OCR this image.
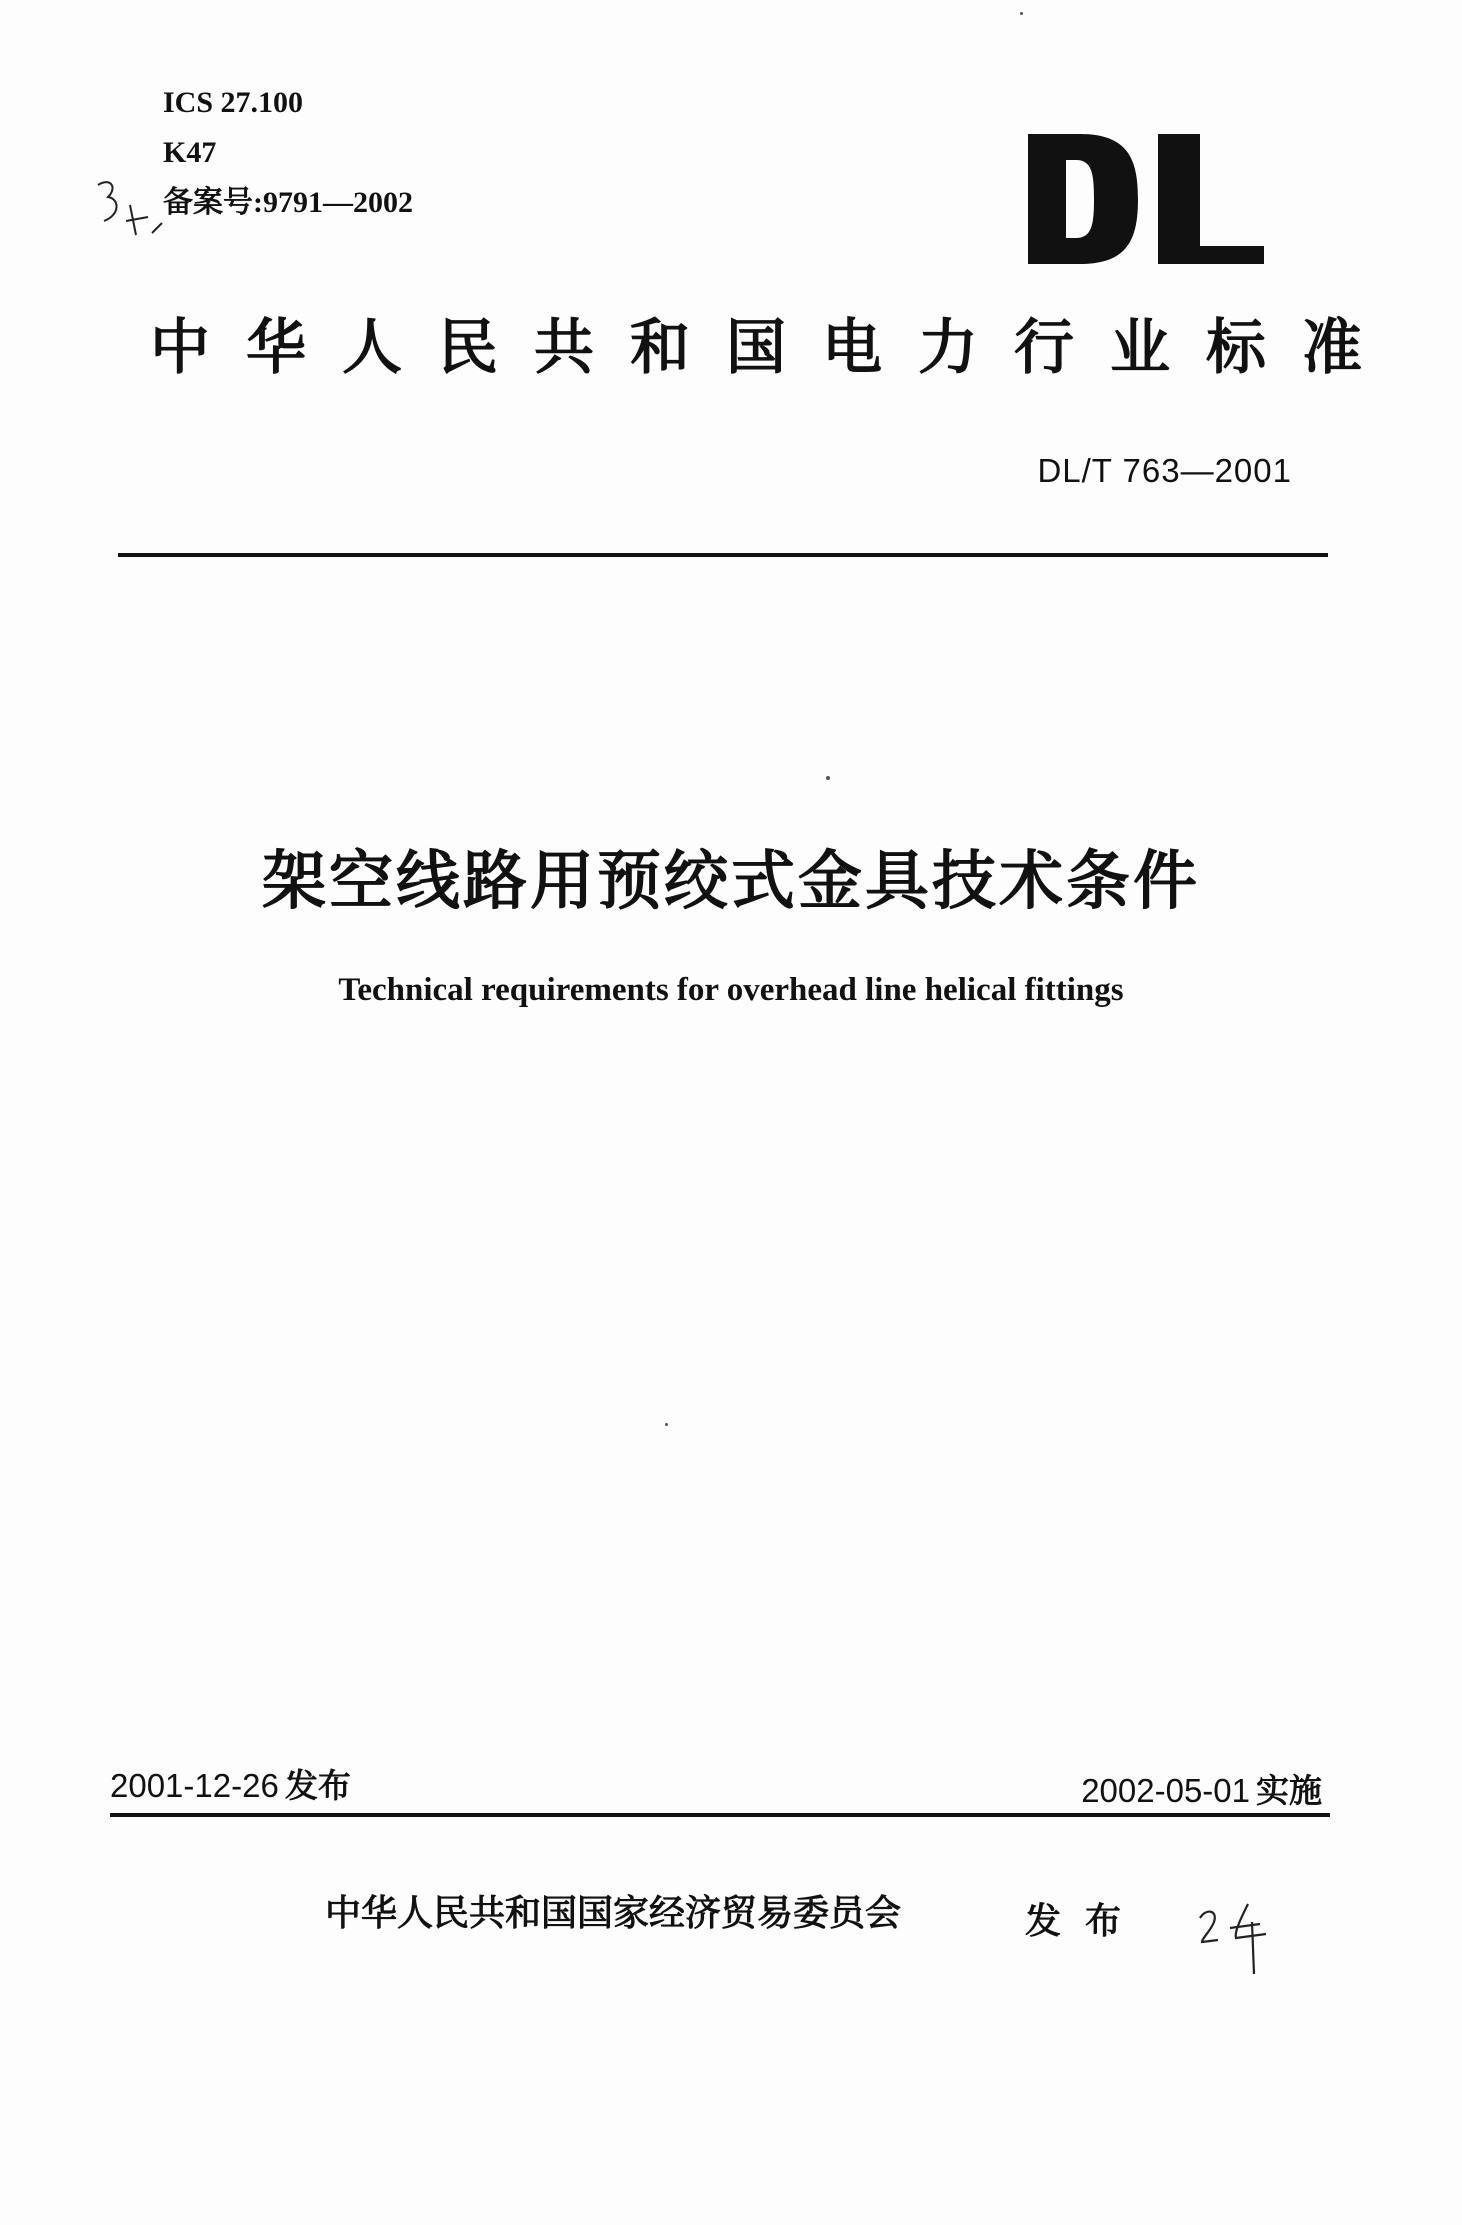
ICS 27.100
K47
备案号:9791—2002
中华人民共和国电力行业标准
DL/T 763—2001
架空线路用预绞式金具技术条件
Technical requirements for overhead line helical fittings
2001-12-26 发布	2002-05-01 实施
中华人民共和国国家经济贸易委员会	发布
